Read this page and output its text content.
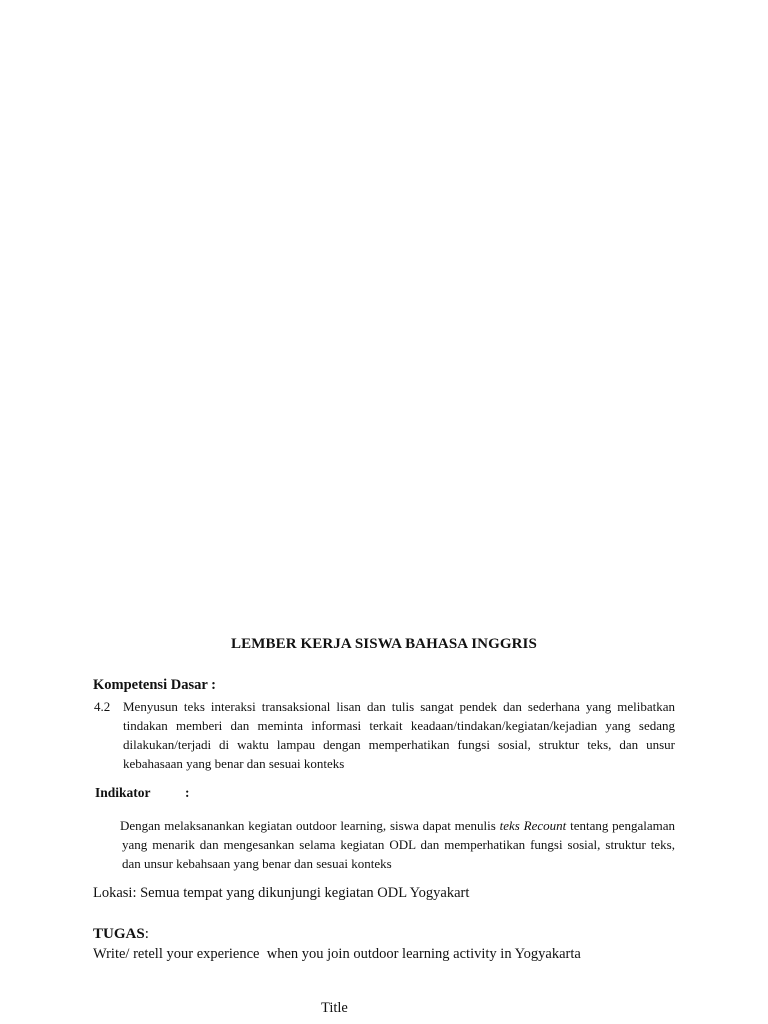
LEMBER KERJA SISWA BAHASA INGGRIS
Kompetensi Dasar :
4.2 Menyusun teks interaksi transaksional lisan dan tulis sangat pendek dan sederhana yang melibatkan tindakan memberi dan meminta informasi terkait keadaan/tindakan/kegiatan/kejadian yang sedang dilakukan/terjadi di waktu lampau dengan memperhatikan fungsi sosial, struktur teks, dan unsur kebahasaan yang benar dan sesuai konteks
Indikator	:
Dengan melaksanankan kegiatan outdoor learning, siswa dapat menulis teks Recount tentang pengalaman yang menarik dan mengesankan selama kegiatan ODL dan memperhatikan fungsi sosial, struktur teks, dan unsur kebahsaan yang benar dan sesuai konteks
Lokasi: Semua tempat yang dikunjungi kegiatan ODL Yogyakart
TUGAS:
Write/ retell your experience  when you join outdoor learning activity in Yogyakarta
Title
